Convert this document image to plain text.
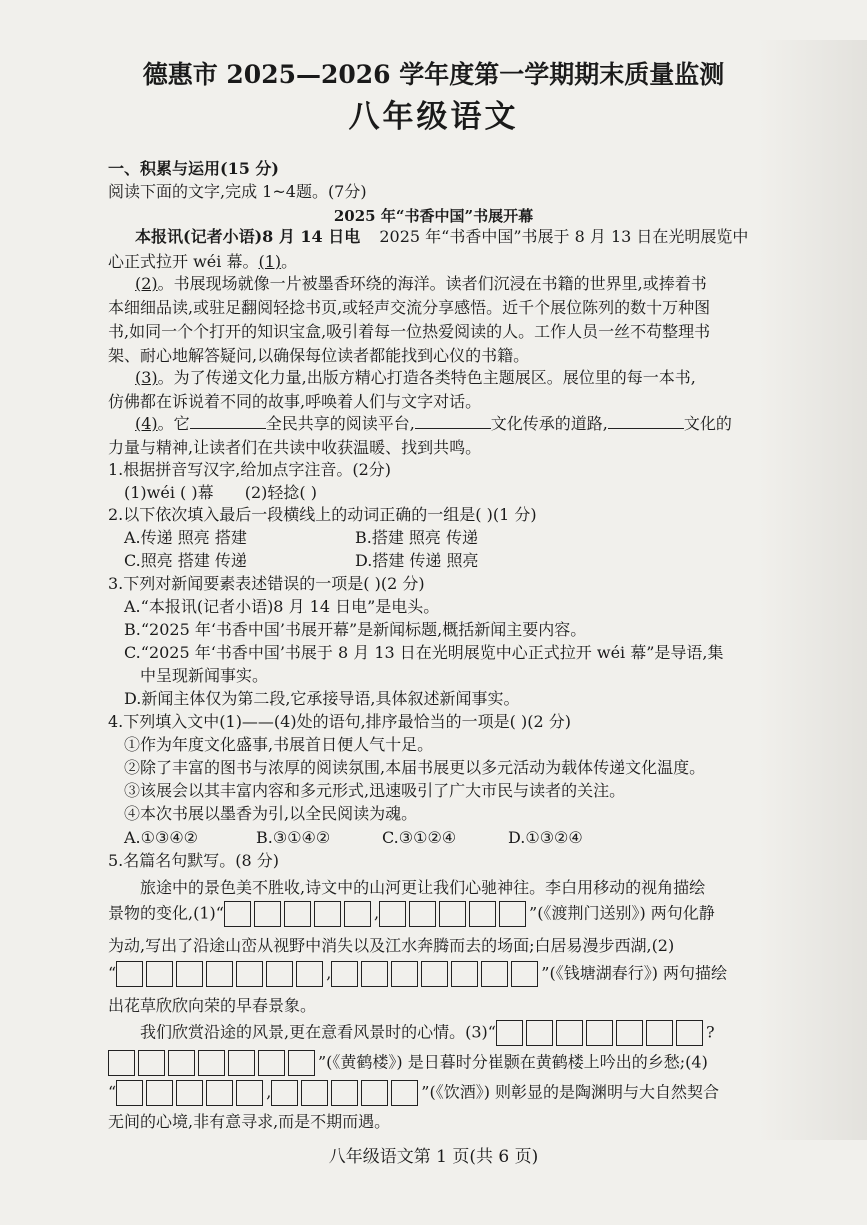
德惠市 2025—2026 学年度第一学期期末质量监测
八年级语文
一、积累与运用(15 分)
阅读下面的文字,完成 1~4题。(7分)
2025 年“书香中国”书展开幕
本报讯(记者小语)8 月 14 日电 2025 年“书香中国”书展于 8 月 13 日在光明展览中
心正式拉开 wéi 幕。(1)。
(2)。书展现场就像一片被墨香环绕的海洋。读者们沉浸在书籍的世界里,或捧着书
本细细品读,或驻足翻阅轻捻书页,或轻声交流分享感悟。近千个展位陈列的数十万种图
书,如同一个个打开的知识宝盒,吸引着每一位热爱阅读的人。工作人员一丝不苟整理书
架、耐心地解答疑问,以确保每位读者都能找到心仪的书籍。
(3)。为了传递文化力量,出版方精心打造各类特色主题展区。展位里的每一本书,
仿佛都在诉说着不同的故事,呼唤着人们与文字对话。
(4)。它	全民共享的阅读平台,	文化传承的道路,	文化的
力量与精神,让读者们在共读中收获温暖、找到共鸣。
1.根据拼音写汉字,给加点字注音。(2分)
(1)wéi ( )幕 (2)轻捻( )
2.以下依次填入最后一段横线上的动词正确的一组是( )(1 分)
A.传递 照亮 搭建	B.搭建 照亮 传递
C.照亮 搭建 传递	D.搭建 传递 照亮
3.下列对新闻要素表述错误的一项是( )(2 分)
A.“本报讯(记者小语)8 月 14 日电”是电头。
B.“2025 年‘书香中国’书展开幕”是新闻标题,概括新闻主要内容。
C.“2025 年‘书香中国’书展于 8 月 13 日在光明展览中心正式拉开 wéi 幕”是导语,集
中呈现新闻事实。
D.新闻主体仅为第二段,它承接导语,具体叙述新闻事实。
4.下列填入文中(1)——(4)处的语句,排序最恰当的一项是( )(2 分)
①作为年度文化盛事,书展首日便人气十足。
②除了丰富的图书与浓厚的阅读氛围,本届书展更以多元活动为载体传递文化温度。
③该展会以其丰富内容和多元形式,迅速吸引了广大市民与读者的关注。
④本次书展以墨香为引,以全民阅读为魂。
A.①③④②	B.③①④②	C.③①②④	D.①③②④
5.名篇名句默写。(8 分)
旅途中的景色美不胜收,诗文中的山河更让我们心驰神往。李白用移动的视角描绘
景物的变化,(1)“	,	”(《渡荆门送别》) 两句化静
为动,写出了沿途山峦从视野中消失以及江水奔腾而去的场面;白居易漫步西湖,(2)
“	,	”(《钱塘湖春行》) 两句描绘
出花草欣欣向荣的早春景象。
我们欣赏沿途的风景,更在意看风景时的心情。(3)“	?
”(《黄鹤楼》) 是日暮时分崔颢在黄鹤楼上吟出的乡愁;(4)
“	,	”(《饮酒》) 则彰显的是陶渊明与大自然契合
无间的心境,非有意寻求,而是不期而遇。
八年级语文第 1 页(共 6 页)
